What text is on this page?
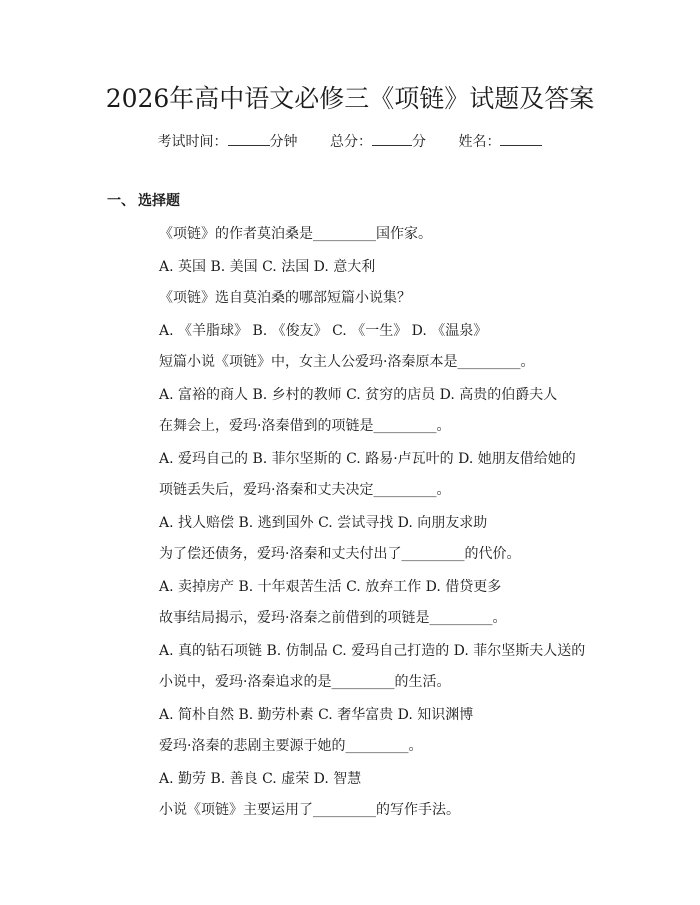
2026年高中语文必修三《项链》试题及答案
考试时间：	分钟 总分：	分 姓名：
一、 选择题
《项链》的作者莫泊桑是_________国作家。
A. 英国 B. 美国 C. 法国 D. 意大利
《项链》选自莫泊桑的哪部短篇小说集？
A. 《羊脂球》 B. 《俊友》 C. 《一生》 D. 《温泉》
短篇小说《项链》中，女主人公爱玛·洛秦原本是_________。
A. 富裕的商人 B. 乡村的教师 C. 贫穷的店员 D. 高贵的伯爵夫人
在舞会上，爱玛·洛秦借到的项链是_________。
A. 爱玛自己的 B. 菲尔坚斯的 C. 路易·卢瓦叶的 D. 她朋友借给她的
项链丢失后，爱玛·洛秦和丈夫决定_________。
A. 找人赔偿 B. 逃到国外 C. 尝试寻找 D. 向朋友求助
为了偿还债务，爱玛·洛秦和丈夫付出了_________的代价。
A. 卖掉房产 B. 十年艰苦生活 C. 放弃工作 D. 借贷更多
故事结局揭示，爱玛·洛秦之前借到的项链是_________。
A. 真的钻石项链 B. 仿制品 C. 爱玛自己打造的 D. 菲尔坚斯夫人送的
小说中，爱玛·洛秦追求的是_________的生活。
A. 简朴自然 B. 勤劳朴素 C. 奢华富贵 D. 知识渊博
爱玛·洛秦的悲剧主要源于她的_________。
A. 勤劳 B. 善良 C. 虚荣 D. 智慧
小说《项链》主要运用了_________的写作手法。
